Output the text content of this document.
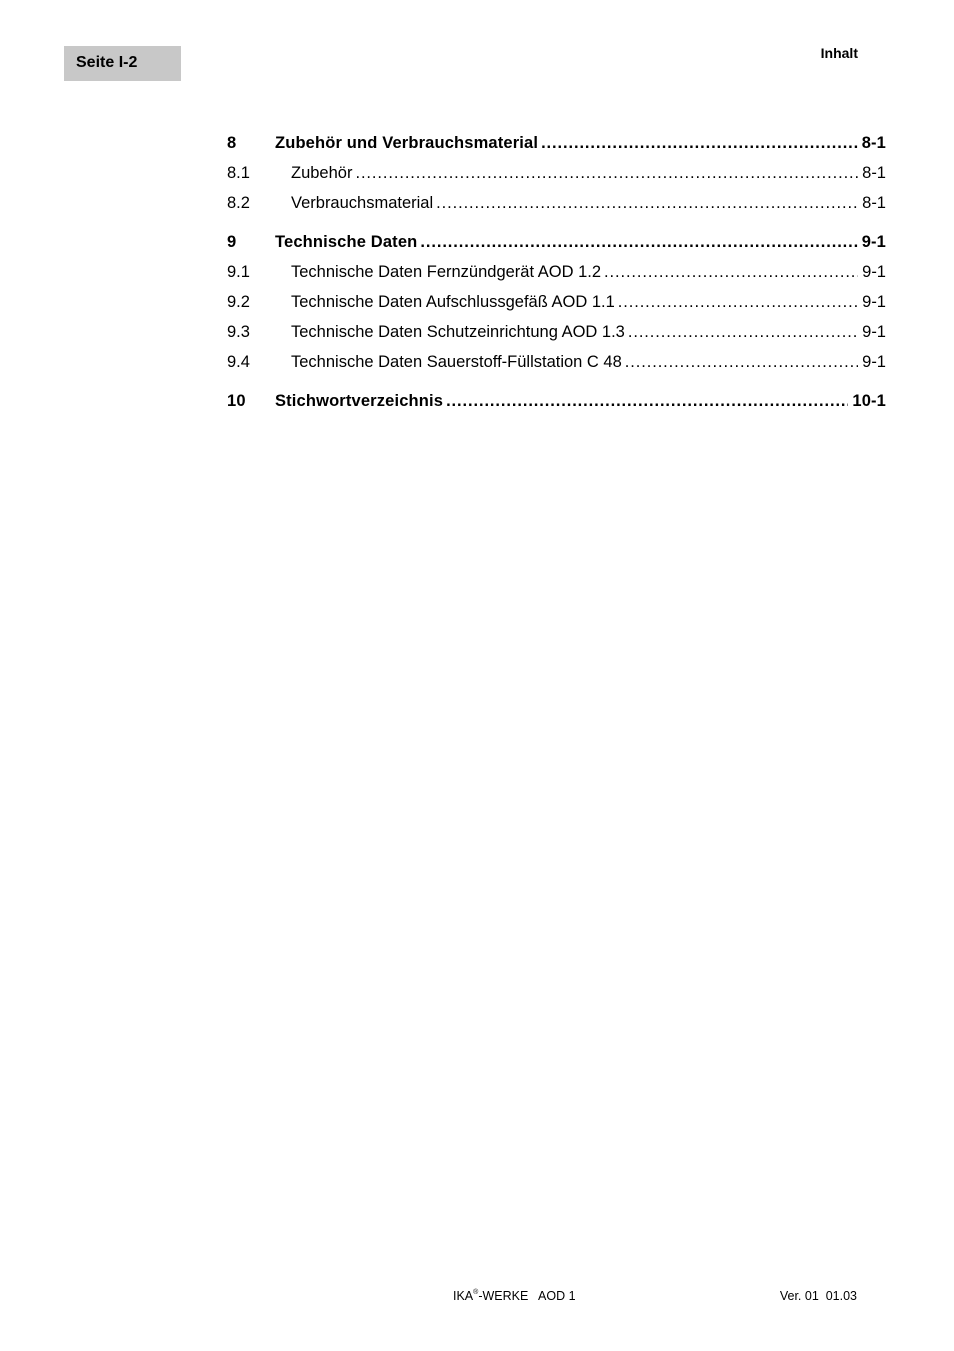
Seite I-2
Inhalt
8	Zubehör und Verbrauchsmaterial .....	8-1
8.1	Zubehör .....	8-1
8.2	Verbrauchsmaterial .....	8-1
9	Technische Daten .....	9-1
9.1	Technische Daten Fernzündgerät AOD 1.2 .....	9-1
9.2	Technische Daten Aufschlussgefäß AOD 1.1 .....	9-1
9.3	Technische Daten Schutzeinrichtung AOD 1.3 .....	9-1
9.4	Technische Daten Sauerstoff-Füllstation C 48 .....	9-1
10	Stichwortverzeichnis .....	10-1
IKA®-WERKE   AOD 1	Ver. 01  01.03
